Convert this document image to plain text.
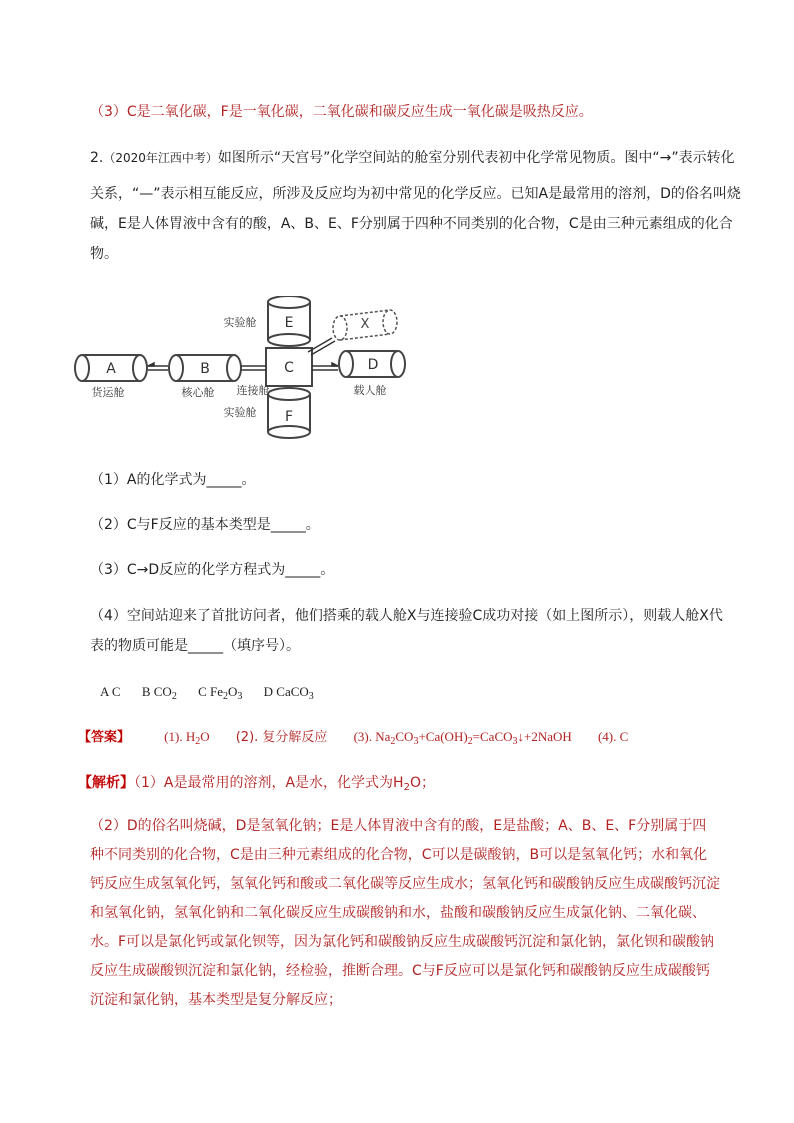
（3）C是二氧化碳，F是一氧化碳，二氧化碳和碳反应生成一氧化碳是吸热反应。
2.（2020年江西中考）如图所示“天宫号”化学空间站的舱室分别代表初中化学常见物质。图中“→”表示转化
关系，“—”表示相互能反应，所涉及反应均为初中常见的化学反应。已知A是最常用的溶剂，D的俗名叫烧
碱，E是人体胃液中含有的酸，A、B、E、F分别属于四种不同类别的化合物，C是由三种元素组成的化合
物。
A	B	C	D
E
F
X
货运舱	核心舱 连接舱	载人舱
实验舱
实验舱
（1）A的化学式为_____。
（2）C与F反应的基本类型是_____。
（3）C→D反应的化学方程式为_____。
（4）空间站迎来了首批访问者，他们搭乘的载人舱X与连接验C成功对接（如上图所示），则载人舱X代
表的物质可能是_____（填序号）。
A C B $CO_2$ C $Fe_2O_3$ D CaCO$_3$
【答案】	(1). $H_2O$ (2). 复分解反应 (3). $Na_2CO_3+Ca(OH)_2=CaCO_3↓+2NaOH$ (4). C
【解析】（1）A是最常用的溶剂，A是水，化学式为$H_2O$；
（2）D的俗名叫烧碱，D是氢氧化钠；E是人体胃液中含有的酸，E是盐酸；A、B、E、F分别属于四种不同类别的化合物，C是由三种元素组成的化合物，C可以是碳酸钠，B可以是氢氧化钙；水和氧化钙反应生成氢氧化钙，氢氧化钙和酸或二氧化碳等反应生成水；氢氧化钙和碳酸钠反应生成碳酸钙沉淀和氢氧化钠，氢氧化钠和二氧化碳反应生成碳酸钠和水，盐酸和碳酸钠反应生成氯化钠、二氧化碳、水。F可以是氯化钙或氯化钡等，因为氯化钙和碳酸钠反应生成碳酸钙沉淀和氯化钠，氯化钡和碳酸钠反应生成碳酸钡沉淀和氯化钠，经检验，推断合理。C与F反应可以是氯化钙和碳酸钠反应生成碳酸钙沉淀和氯化钠，基本类型是复分解反应；
